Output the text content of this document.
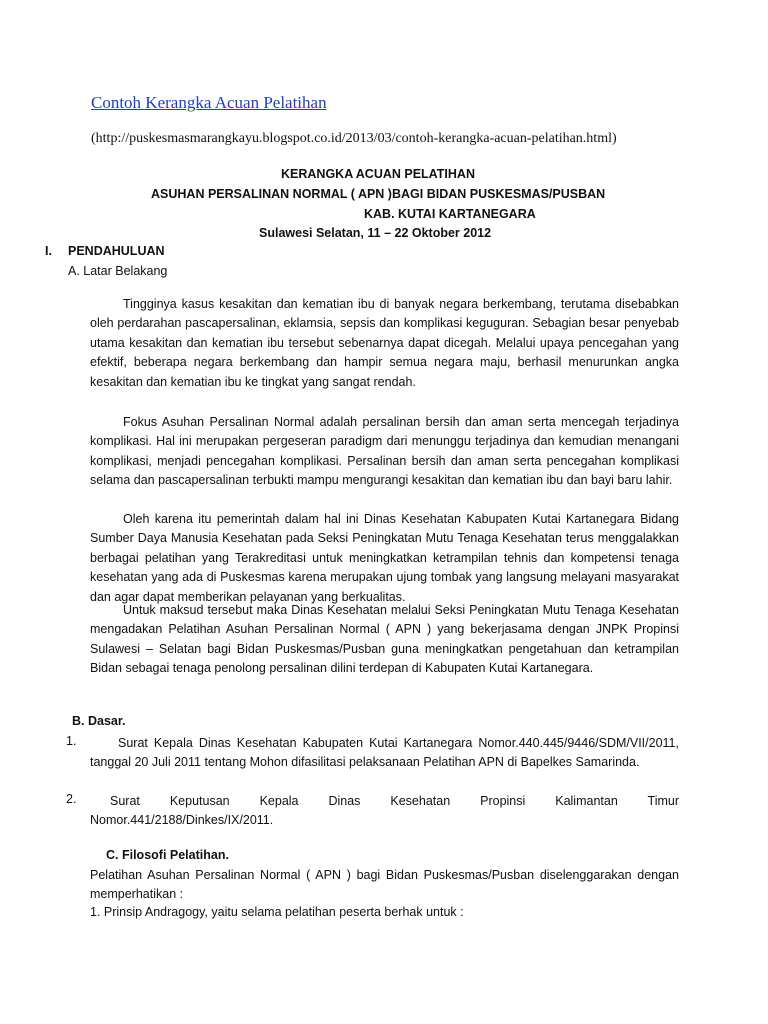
Contoh Kerangka Acuan Pelatihan
(http://puskesmasmarangkayu.blogspot.co.id/2013/03/contoh-kerangka-acuan-pelatihan.html)
KERANGKA ACUAN PELATIHAN
ASUHAN PERSALINAN NORMAL ( APN )BAGI BIDAN PUSKESMAS/PUSBAN
KAB. KUTAI KARTANEGARA
Sulawesi Selatan, 11 – 22 Oktober 2012
I. PENDAHULUAN
A. Latar Belakang

Tingginya kasus kesakitan dan kematian ibu di banyak negara berkembang, terutama disebabkan oleh perdarahan pascapersalinan, eklamsia, sepsis dan komplikasi keguguran. Sebagian besar penyebab utama kesakitan dan kematian ibu tersebut sebenarnya dapat dicegah. Melalui upaya pencegahan yang efektif, beberapa negara berkembang dan hampir semua negara maju, berhasil menurunkan angka kesakitan dan kematian ibu ke tingkat yang sangat rendah.

Fokus Asuhan Persalinan Normal adalah persalinan bersih dan aman serta mencegah terjadinya komplikasi. Hal ini merupakan pergeseran paradigm dari menunggu terjadinya dan kemudian menangani komplikasi, menjadi pencegahan komplikasi. Persalinan bersih dan aman serta pencegahan komplikasi selama dan pascapersalinan terbukti mampu mengurangi kesakitan dan kematian ibu dan bayi baru lahir.

Oleh karena itu pemerintah dalam hal ini Dinas Kesehatan Kabupaten Kutai Kartanegara Bidang Sumber Daya Manusia Kesehatan pada Seksi Peningkatan Mutu Tenaga Kesehatan terus menggalakkan berbagai pelatihan yang Terakreditasi untuk meningkatkan ketrampilan tehnis dan kompetensi tenaga kesehatan yang ada di Puskesmas karena merupakan ujung tombak yang langsung melayani masyarakat dan agar dapat memberikan pelayanan yang berkualitas.

Untuk maksud tersebut maka Dinas Kesehatan melalui Seksi Peningkatan Mutu Tenaga Kesehatan mengadakan Pelatihan Asuhan Persalinan Normal ( APN ) yang bekerjasama dengan JNPK Propinsi Sulawesi – Selatan bagi Bidan Puskesmas/Pusban guna meningkatkan pengetahuan dan ketrampilan Bidan sebagai tenaga penolong persalinan dilini terdepan di Kabupaten Kutai Kartanegara.

B. Dasar.
1.	Surat Kepala Dinas Kesehatan Kabupaten Kutai Kartanegara Nomor.440.445/9446/SDM/VII/2011, tanggal 20 Juli 2011 tentang Mohon difasilitasi pelaksanaan Pelatihan APN di Bapelkes Samarinda.

2.	Surat Keputusan Kepala Dinas Kesehatan Propinsi Kalimantan Timur Nomor.441/2188/Dinkes/IX/2011.

C. Filosofi Pelatihan.

Pelatihan Asuhan Persalinan Normal ( APN ) bagi Bidan Puskesmas/Pusban diselenggarakan dengan memperhatikan :

1. Prinsip Andragogy, yaitu selama pelatihan peserta berhak untuk :
